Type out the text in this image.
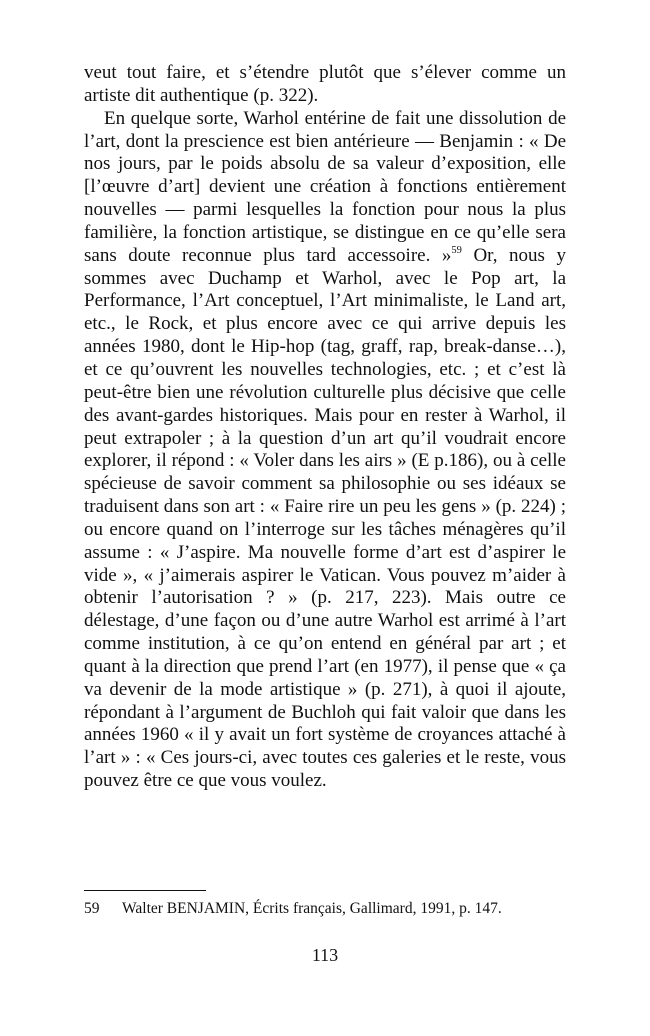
veut tout faire, et s’étendre plutôt que s’élever comme un artiste dit authentique (p. 322).

En quelque sorte, Warhol entérine de fait une dissolution de l’art, dont la prescience est bien antérieure — Benjamin : « De nos jours, par le poids absolu de sa valeur d’exposition, elle [l’œuvre d’art] devient une création à fonctions entièrement nouvelles — parmi lesquelles la fonction pour nous la plus familière, la fonction artistique, se distingue en ce qu’elle sera sans doute reconnue plus tard accessoire. »$^{59}$ Or, nous y sommes avec Duchamp et Warhol, avec le Pop art, la Performance, l’Art conceptuel, l’Art minimaliste, le Land art, etc., le Rock, et plus encore avec ce qui arrive depuis les années 1980, dont le Hip-hop (tag, graff, rap, break-danse…), et ce qu’ouvrent les nouvelles technologies, etc. ; et c’est là peut-être bien une révolution culturelle plus décisive que celle des avant-gardes historiques. Mais pour en rester à Warhol, il peut extrapoler ; à la question d’un art qu’il voudrait encore explorer, il répond : « Voler dans les airs » (E p.186), ou à celle spécieuse de savoir comment sa philosophie ou ses idéaux se traduisent dans son art : « Faire rire un peu les gens » (p. 224) ; ou encore quand on l’interroge sur les tâches ménagères qu’il assume : « J’aspire. Ma nouvelle forme d’art est d’aspirer le vide », « j’aimerais aspirer le Vatican. Vous pouvez m’aider à obtenir l’autorisation ? » (p. 217, 223). Mais outre ce délestage, d’une façon ou d’une autre Warhol est arrimé à l’art comme institution, à ce qu’on entend en général par art ; et quant à la direction que prend l’art (en 1977), il pense que « ça va devenir de la mode artistique » (p. 271), à quoi il ajoute, répondant à l’argument de Buchloh qui fait valoir que dans les années 1960 « il y avait un fort système de croyances attaché à l’art » : « Ces jours-ci, avec toutes ces galeries et le reste, vous pouvez être ce que vous voulez.

59 Walter BENJAMIN, Écrits français, Gallimard, 1991, p. 147.
113
